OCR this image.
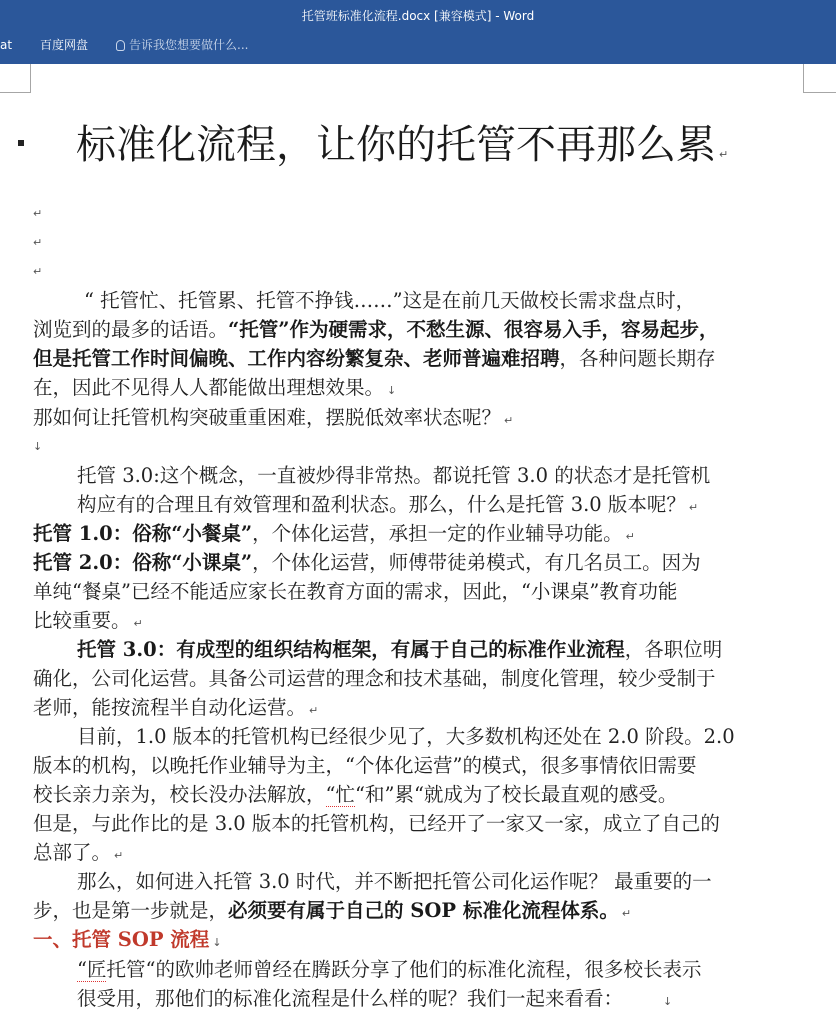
托管班标准化流程.docx [兼容模式] - Word
at 百度网盘	告诉我您想要做什么...
标准化流程，让你的托管不再那么累 ↵
↵
↵
↵
“ 托管忙、托管累、托管不挣钱……”这是在前几天做校长需求盘点时，
浏览到的最多的话语。“托管”作为硬需求，不愁生源、很容易入手，容易起步，
但是托管工作时间偏晚、工作内容纷繁复杂、老师普遍难招聘，各种问题长期存
在，因此不见得人人都能做出理想效果。 ↓
那如何让托管机构突破重重困难，摆脱低效率状态呢？ ↵
↓
托管 3.0:这个概念，一直被炒得非常热。都说托管 3.0 的状态才是托管机
构应有的合理且有效管理和盈利状态。那么，什么是托管 3.0 版本呢？ ↵
托管 1.0：俗称“小餐桌”，个体化运营，承担一定的作业辅导功能。 ↵
托管 2.0：俗称“小课桌”，个体化运营，师傅带徒弟模式，有几名员工。因为
单纯“餐桌”已经不能适应家长在教育方面的需求，因此，“小课桌”教育功能
比较重要。 ↵
托管 3.0：有成型的组织结构框架，有属于自己的标准作业流程，各职位明
确化，公司化运营。具备公司运营的理念和技术基础，制度化管理，较少受制于
老师，能按流程半自动化运营。 ↵
目前，1.0 版本的托管机构已经很少见了，大多数机构还处在 2.0 阶段。2.0
版本的机构，以晚托作业辅导为主，“个体化运营”的模式，很多事情依旧需要
校长亲力亲为，校长没办法解放，“忙“和”累“就成为了校长最直观的感受。
但是，与此作比的是 3.0 版本的托管机构，已经开了一家又一家，成立了自己的
总部了。 ↵
那么，如何进入托管 3.0 时代，并不断把托管公司化运作呢？ 最重要的一
步，也是第一步就是，必须要有属于自己的 SOP 标准化流程体系。 ↵
一、托管 SOP 流程 ↓
“匠托管“的欧帅老师曾经在腾跃分享了他们的标准化流程，很多校长表示
很受用，那他们的标准化流程是什么样的呢？我们一起来看看：	↓
